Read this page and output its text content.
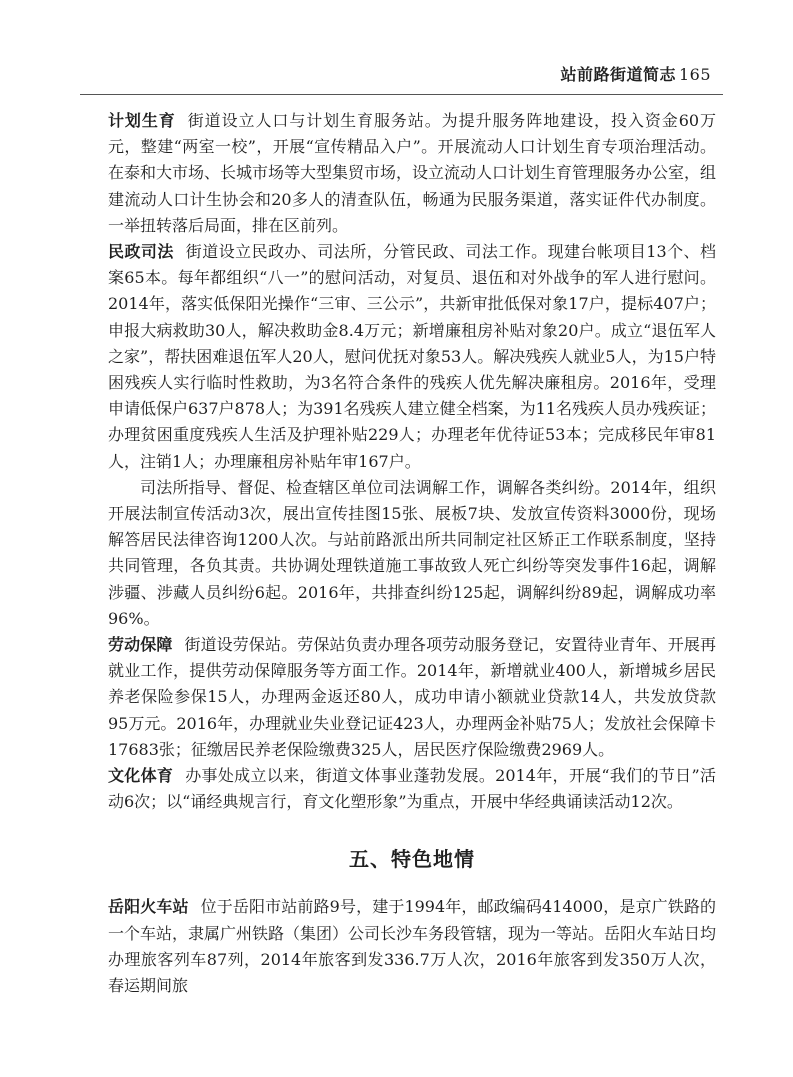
站前路街道简志 165

计划生育 街道设立人口与计划生育服务站。为提升服务阵地建设，投入资金60万元，整建“两室一校”，开展“宣传精品入户”。开展流动人口计划生育专项治理活动。在泰和大市场、长城市场等大型集贸市场，设立流动人口计划生育管理服务办公室，组建流动人口计生协会和20多人的清查队伍，畅通为民服务渠道，落实证件代办制度。一举扭转落后局面，排在区前列。

民政司法 街道设立民政办、司法所，分管民政、司法工作。现建台帐项目13个、档案65本。每年都组织“八一”的慰问活动，对复员、退伍和对外战争的军人进行慰问。2014年，落实低保阳光操作“三审、三公示”，共新审批低保对象17户，提标407户；申报大病救助30人，解决救助金8.4万元；新增廉租房补贴对象20户。成立“退伍军人之家”，帮扶困难退伍军人20人，慰问优抚对象53人。解决残疾人就业5人，为15户特困残疾人实行临时性救助，为3名符合条件的残疾人优先解决廉租房。2016年，受理申请低保户637户878人；为391名残疾人建立健全档案，为11名残疾人员办残疾证；办理贫困重度残疾人生活及护理补贴229人；办理老年优待证53本；完成移民年审81人，注销1人；办理廉租房补贴年审167户。

司法所指导、督促、检查辖区单位司法调解工作，调解各类纠纷。2014年，组织开展法制宣传活动3次，展出宣传挂图15张、展板7块、发放宣传资料3000份，现场解答居民法律咨询1200人次。与站前路派出所共同制定社区矫正工作联系制度，坚持共同管理，各负其责。共协调处理铁道施工事故致人死亡纠纷等突发事件16起，调解涉疆、涉藏人员纠纷6起。2016年，共排查纠纷125起，调解纠纷89起，调解成功率96%。

劳动保障 街道设劳保站。劳保站负责办理各项劳动服务登记，安置待业青年、开展再就业工作，提供劳动保障服务等方面工作。2014年，新增就业400人，新增城乡居民养老保险参保15人，办理两金返还80人，成功申请小额就业贷款14人，共发放贷款95万元。2016年，办理就业失业登记证423人，办理两金补贴75人；发放社会保障卡17683张；征缴居民养老保险缴费325人，居民医疗保险缴费2969人。

文化体育 办事处成立以来，街道文体事业蓬勃发展。2014年，开展“我们的节日”活动6次；以“诵经典规言行，育文化塑形象”为重点，开展中华经典诵读活动12次。

五、特色地情

岳阳火车站 位于岳阳市站前路9号，建于1994年，邮政编码414000，是京广铁路的一个车站，隶属广州铁路（集团）公司长沙车务段管辖，现为一等站。岳阳火车站日均办理旅客列车87列，2014年旅客到发336.7万人次，2016年旅客到发350万人次，春运期间旅
